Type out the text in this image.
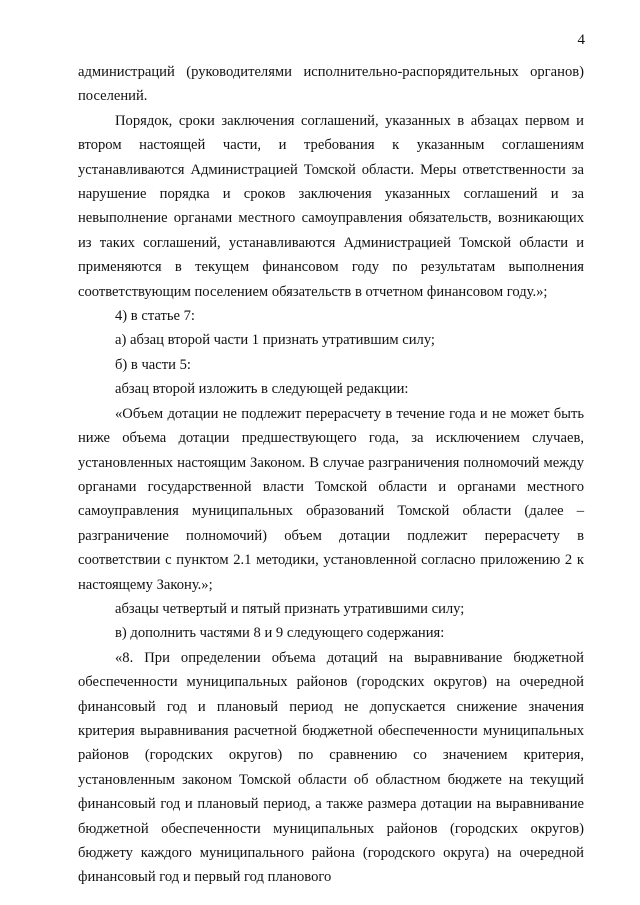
4

администраций (руководителями исполнительно-распорядительных органов) поселений.

Порядок, сроки заключения соглашений, указанных в абзацах первом и втором настоящей части, и требования к указанным соглашениям устанавливаются Администрацией Томской области. Меры ответственности за нарушение порядка и сроков заключения указанных соглашений и за невыполнение органами местного самоуправления обязательств, возникающих из таких соглашений, устанавливаются Администрацией Томской области и применяются в текущем финансовом году по результатам выполнения соответствующим поселением обязательств в отчетном финансовом году.»;

4) в статье 7:

а) абзац второй части 1 признать утратившим силу;

б) в части 5:

абзац второй изложить в следующей редакции:

«Объем дотации не подлежит перерасчету в течение года и не может быть ниже объема дотации предшествующего года, за исключением случаев, установленных настоящим Законом. В случае разграничения полномочий между органами государственной власти Томской области и органами местного самоуправления муниципальных образований Томской области (далее – разграничение полномочий) объем дотации подлежит перерасчету в соответствии с пунктом 2.1 методики, установленной согласно приложению 2 к настоящему Закону.»;

абзацы четвертый и пятый признать утратившими силу;

в) дополнить частями 8 и 9 следующего содержания:

«8. При определении объема дотаций на выравнивание бюджетной обеспеченности муниципальных районов (городских округов) на очередной финансовый год и плановый период не допускается снижение значения критерия выравнивания расчетной бюджетной обеспеченности муниципальных районов (городских округов) по сравнению со значением критерия, установленным законом Томской области об областном бюджете на текущий финансовый год и плановый период, а также размера дотации на выравнивание бюджетной обеспеченности муниципальных районов (городских округов) бюджету каждого муниципального района (городского округа) на очередной финансовый год и первый год планового
